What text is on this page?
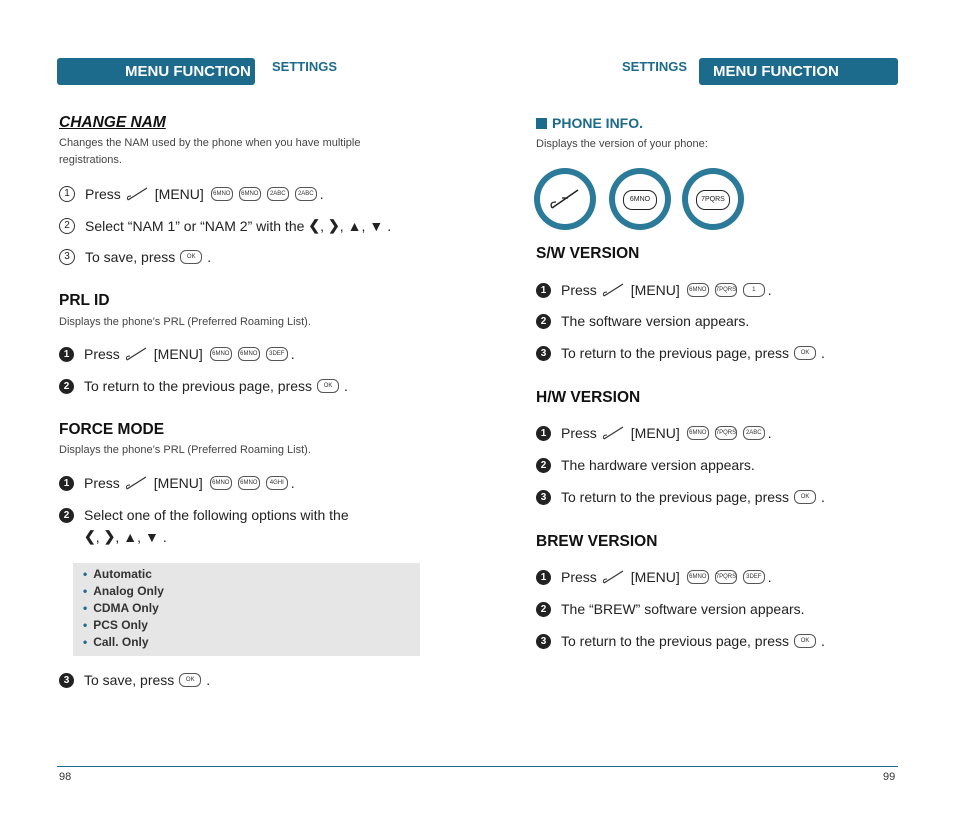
MENU FUNCTION	SETTINGS	SETTINGS	MENU FUNCTION
CHANGE NAM
Changes the NAM used by the phone when you have multiple
registrations.
1	Press [MENU]	6MNO	6MNO	2ABC	2ABC .
2	Select “NAM 1” or “NAM 2” with the ❮ , ❯ , ▲ , ▼ .
3	To save, press	OK .
PRL ID
Displays the phone’s PRL (Preferred Roaming List).
1	Press [MENU]	6MNO	6MNO	3DEF .
2	To return to the previous page, press	OK .
FORCE MODE
Displays the phone’s PRL (Preferred Roaming List).
1	Press [MENU]	6MNO	6MNO	4GHI .
2	Select one of the following options with the
❮ , ❯ , ▲ , ▼ .
• Automatic
• Analog Only
• CDMA Only
• PCS Only
• Call. Only
3	To save, press	OK .
PHONE INFO.
Displays the version of your phone:
6MNO	7PQRS
S/W VERSION
1	Press [MENU]	6MNO	7PQRS	1 .
2	The software version appears.
3	To return to the previous page, press	OK .
H/W VERSION
1	Press [MENU]	6MNO	7PQRS	2ABC .
2	The hardware version appears.
3	To return to the previous page, press	OK .
BREW VERSION
1	Press [MENU]	6MNO	7PQRS	3DEF .
2	The “BREW” software version appears.
3	To return to the previous page, press	OK .
98	99
